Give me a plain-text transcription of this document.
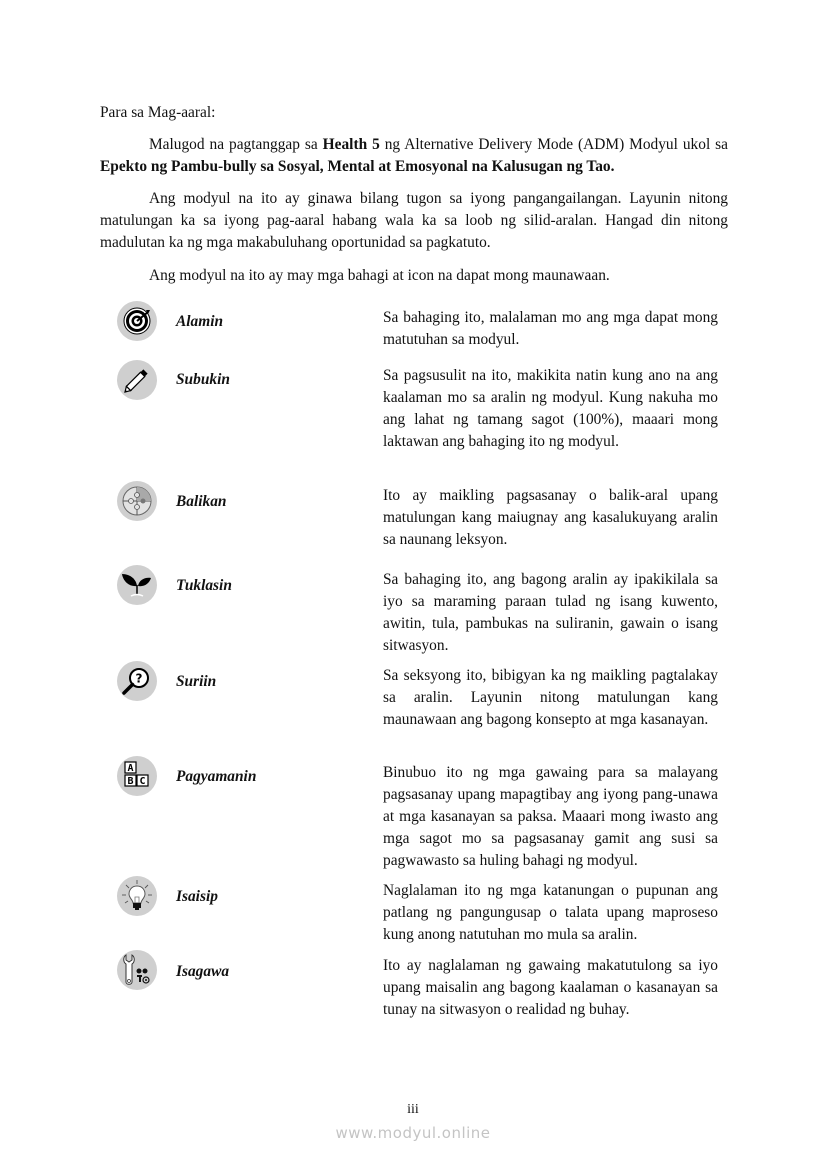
Para sa Mag-aaral:
Malugod na pagtanggap sa Health 5 ng Alternative Delivery Mode (ADM) Modyul ukol sa Epekto ng Pambu-bully sa Sosyal, Mental at Emosyonal na Kalusugan ng Tao.
Ang modyul na ito ay ginawa bilang tugon sa iyong pangangailangan. Layunin nitong matulungan ka sa iyong pag-aaral habang wala ka sa loob ng silid-aralan. Hangad din nitong madulutan ka ng mga makabuluhang oportunidad sa pagkatuto.
Ang modyul na ito ay may mga bahagi at icon na dapat mong maunawaan.
Alamin	Sa bahaging ito, malalaman mo ang mga dapat mong matutuhan sa modyul.
Subukin	Sa pagsusulit na ito, makikita natin kung ano na ang kaalaman mo sa aralin ng modyul. Kung nakuha mo ang lahat ng tamang sagot (100%), maaari mong laktawan ang bahaging ito ng modyul.
Balikan	Ito ay maikling pagsasanay o balik-aral upang matulungan kang maiugnay ang kasalukuyang aralin sa naunang leksyon.
Tuklasin	Sa bahaging ito, ang bagong aralin ay ipakikilala sa iyo sa maraming paraan tulad ng isang kuwento, awitin, tula, pambukas na suliranin, gawain o isang sitwasyon.
? Suriin	Sa seksyong ito, bibigyan ka ng maikling pagtalakay sa aralin. Layunin nitong matulungan kang maunawaan ang bagong konsepto at mga kasanayan.
A
B C Pagyamanin	Binubuo ito ng mga gawaing para sa malayang pagsasanay upang mapagtibay ang iyong pang-unawa at mga kasanayan sa paksa. Maaari mong iwasto ang mga sagot mo sa pagsasanay gamit ang susi sa pagwawasto sa huling bahagi ng modyul.
Isaisip	Naglalaman ito ng mga katanungan o pupunan ang patlang ng pangungusap o talata upang maproseso kung anong natutuhan mo mula sa aralin.
Isagawa	Ito ay naglalaman ng gawaing makatutulong sa iyo upang maisalin ang bagong kaalaman o kasanayan sa tunay na sitwasyon o realidad ng buhay.
iii
www.modyul.online
